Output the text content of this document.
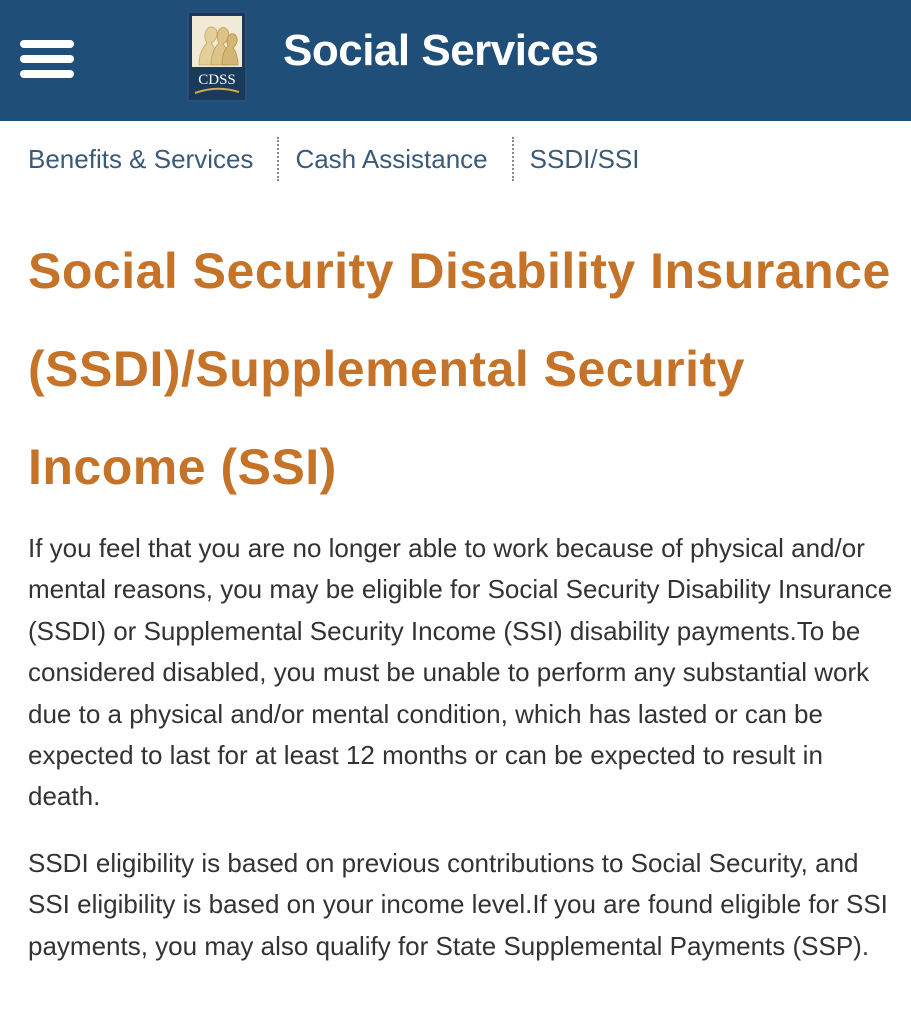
CDSS
Social Services
Benefits & Services Cash Assistance SSDI/SSI
Social Security Disability Insurance (SSDI)/Supplemental Security Income (SSI)

If you feel that you are no longer able to work because of physical and/or mental reasons, you may be eligible for Social Security Disability Insurance (SSDI) or Supplemental Security Income (SSI) disability payments.To be considered disabled, you must be unable to perform any substantial work due to a physical and/or mental condition, which has lasted or can be expected to last for at least 12 months or can be expected to result in death.

SSDI eligibility is based on previous contributions to Social Security, and SSI eligibility is based on your income level.If you are found eligible for SSI payments, you may also qualify for State Supplemental Payments (SSP).
